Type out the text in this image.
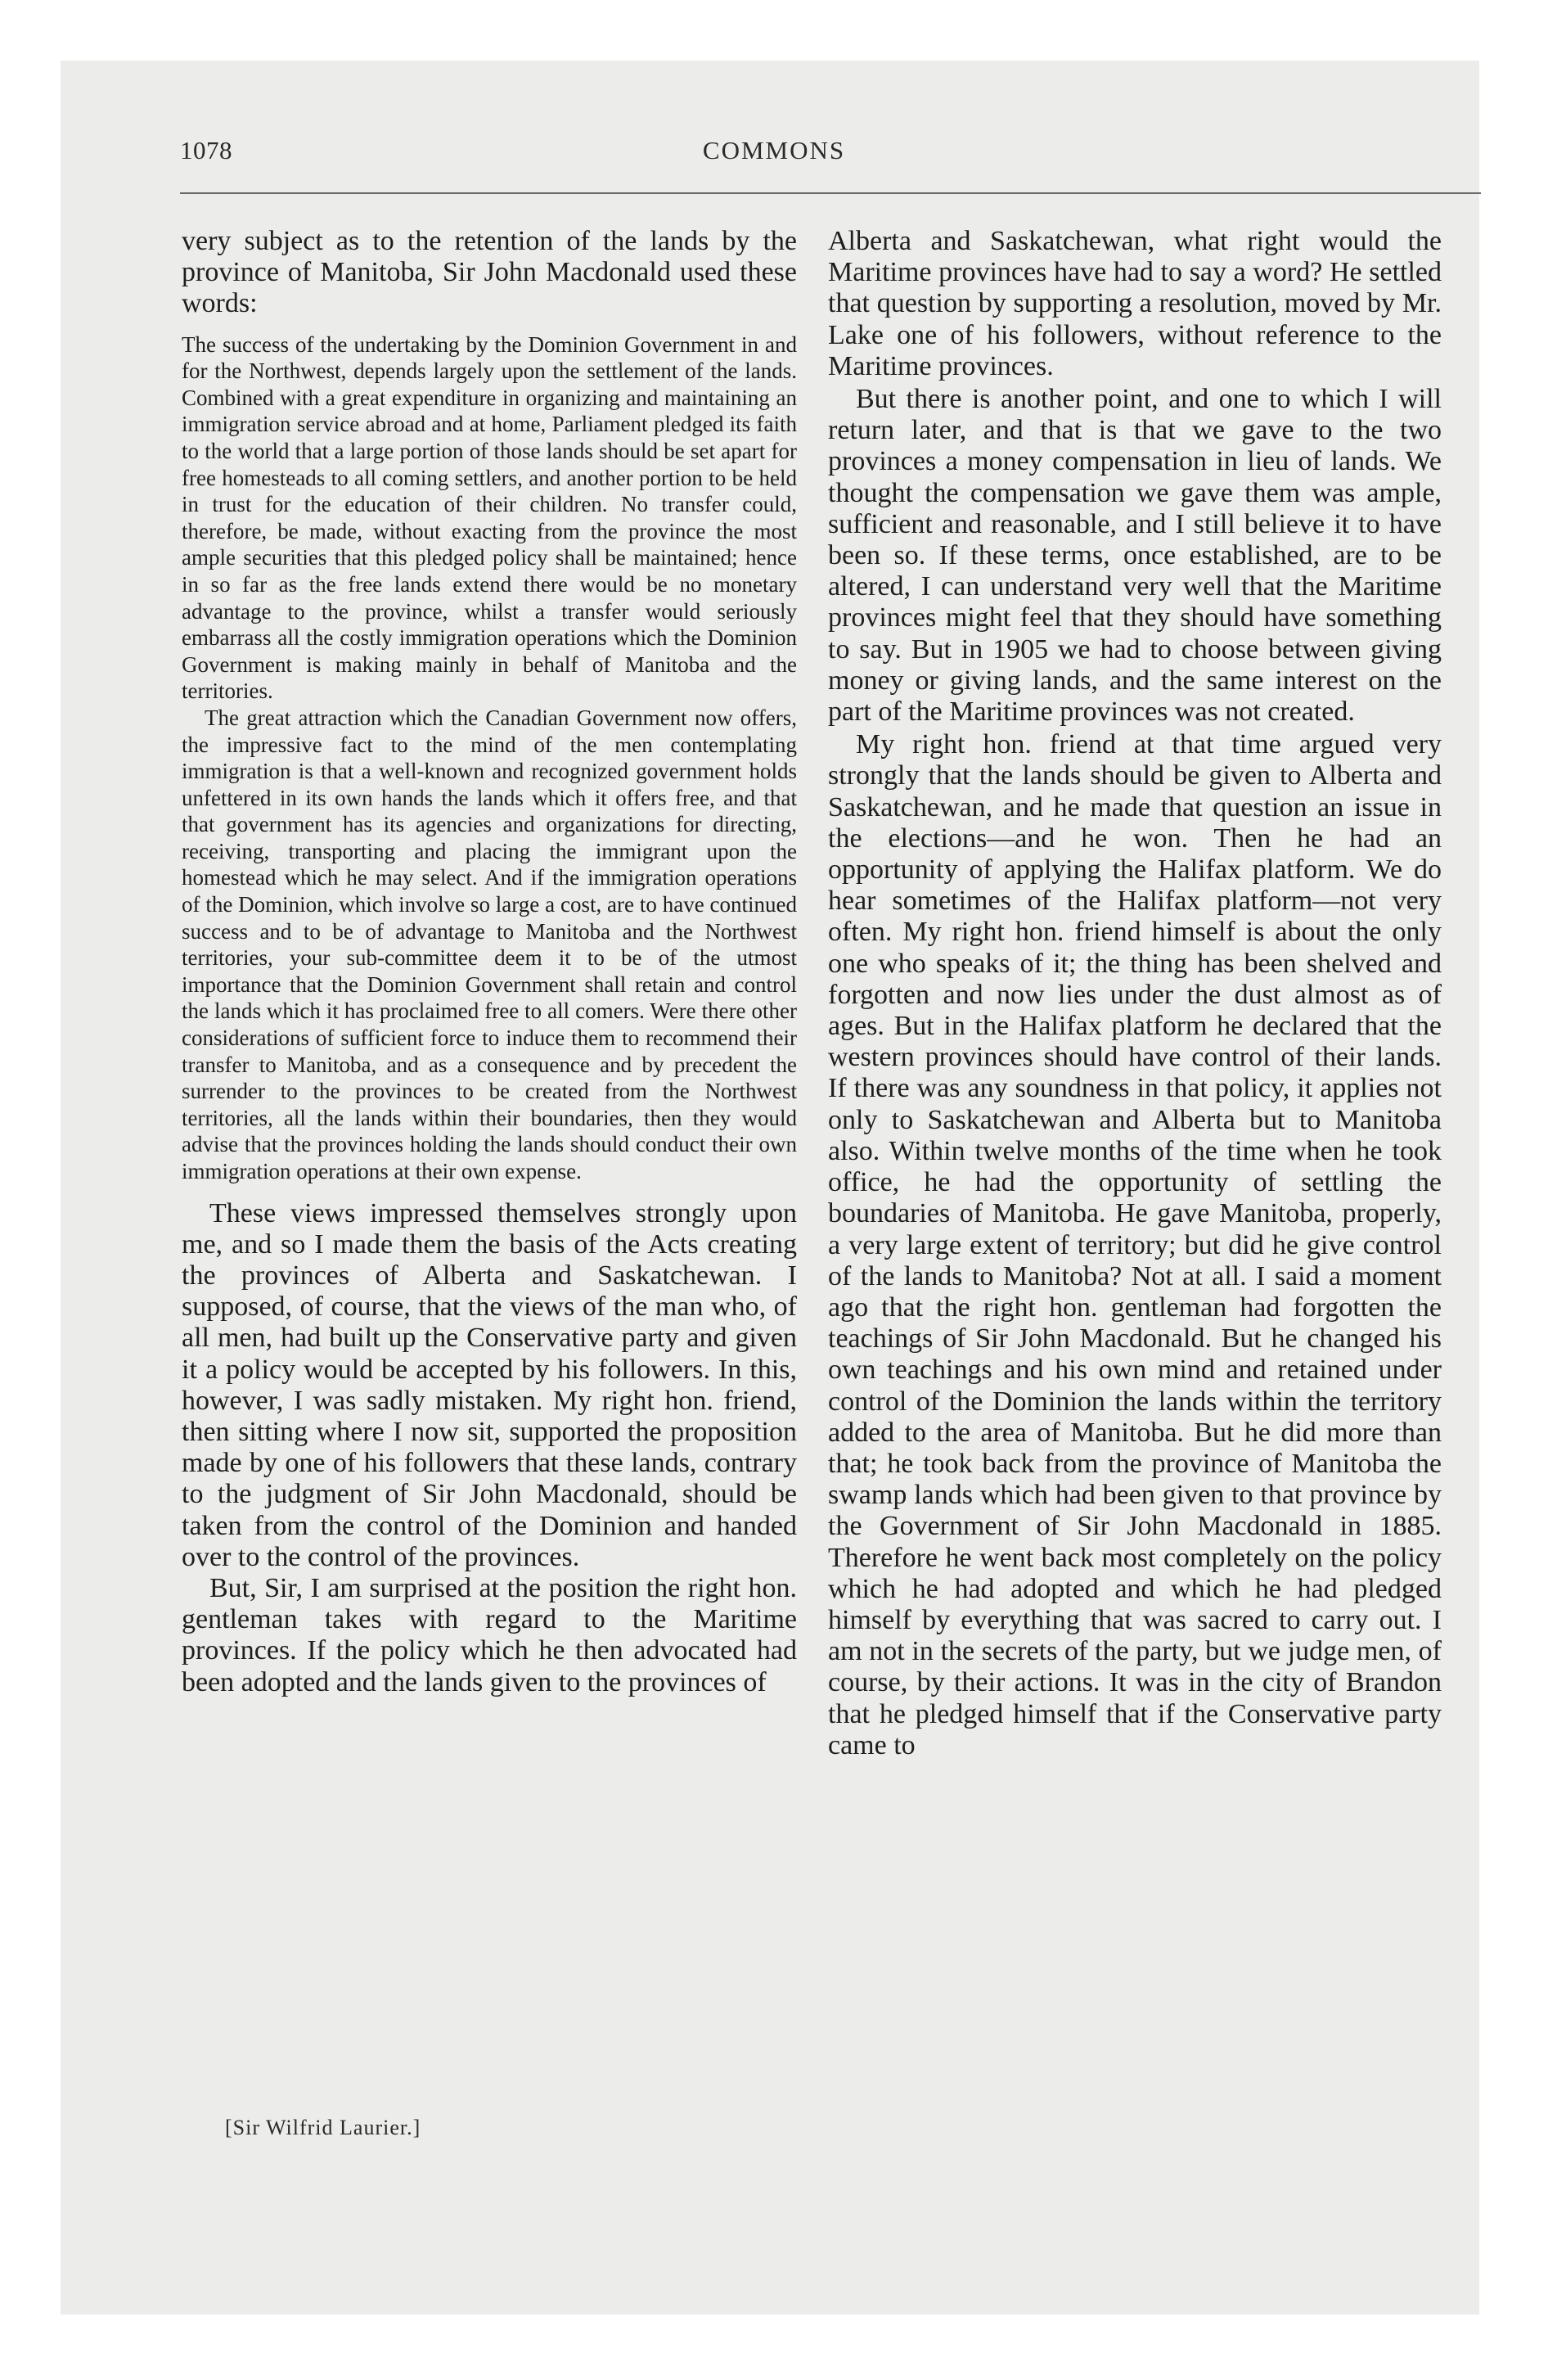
1078	COMMONS

very subject as to the retention of the lands by the province of Manitoba, Sir John Macdonald used these words:

The success of the undertaking by the Dominion Government in and for the Northwest, depends largely upon the settlement of the lands. Combined with a great expenditure in organizing and maintaining an immigration service abroad and at home, Parliament pledged its faith to the world that a large portion of those lands should be set apart for free homesteads to all coming settlers, and another portion to be held in trust for the education of their children. No transfer could, therefore, be made, without exacting from the province the most ample securities that this pledged policy shall be maintained; hence in so far as the free lands extend there would be no monetary advantage to the province, whilst a transfer would seriously embarrass all the costly immigration operations which the Dominion Government is making mainly in behalf of Manitoba and the territories.

The great attraction which the Canadian Government now offers, the impressive fact to the mind of the men contemplating immigration is that a well-known and recognized government holds unfettered in its own hands the lands which it offers free, and that that government has its agencies and organizations for directing, receiving, transporting and placing the immigrant upon the homestead which he may select. And if the immigration operations of the Dominion, which involve so large a cost, are to have continued success and to be of advantage to Manitoba and the Northwest territories, your sub-committee deem it to be of the utmost importance that the Dominion Government shall retain and control the lands which it has proclaimed free to all comers. Were there other considerations of sufficient force to induce them to recommend their transfer to Manitoba, and as a consequence and by precedent the surrender to the provinces to be created from the Northwest territories, all the lands within their boundaries, then they would advise that the provinces holding the lands should conduct their own immigration operations at their own expense.

These views impressed themselves strongly upon me, and so I made them the basis of the Acts creating the provinces of Alberta and Saskatchewan. I supposed, of course, that the views of the man who, of all men, had built up the Conservative party and given it a policy would be accepted by his followers. In this, however, I was sadly mistaken. My right hon. friend, then sitting where I now sit, supported the proposition made by one of his followers that these lands, contrary to the judgment of Sir John Macdonald, should be taken from the control of the Dominion and handed over to the control of the provinces.

But, Sir, I am surprised at the position the right hon. gentleman takes with regard to the Maritime provinces. If the policy which he then advocated had been adopted and the lands given to the provinces of

[Sir Wilfrid Laurier.]

Alberta and Saskatchewan, what right would the Maritime provinces have had to say a word? He settled that question by supporting a resolution, moved by Mr. Lake one of his followers, without reference to the Maritime provinces.

But there is another point, and one to which I will return later, and that is that we gave to the two provinces a money compensation in lieu of lands. We thought the compensation we gave them was ample, sufficient and reasonable, and I still believe it to have been so. If these terms, once established, are to be altered, I can understand very well that the Maritime provinces might feel that they should have something to say. But in 1905 we had to choose between giving money or giving lands, and the same interest on the part of the Maritime provinces was not created.

My right hon. friend at that time argued very strongly that the lands should be given to Alberta and Saskatchewan, and he made that question an issue in the elections—and he won. Then he had an opportunity of applying the Halifax platform. We do hear sometimes of the Halifax platform—not very often. My right hon. friend himself is about the only one who speaks of it; the thing has been shelved and forgotten and now lies under the dust almost as of ages. But in the Halifax platform he declared that the western provinces should have control of their lands. If there was any soundness in that policy, it applies not only to Saskatchewan and Alberta but to Manitoba also. Within twelve months of the time when he took office, he had the opportunity of settling the boundaries of Manitoba. He gave Manitoba, properly, a very large extent of territory; but did he give control of the lands to Manitoba? Not at all. I said a moment ago that the right hon. gentleman had forgotten the teachings of Sir John Macdonald. But he changed his own teachings and his own mind and retained under control of the Dominion the lands within the territory added to the area of Manitoba. But he did more than that; he took back from the province of Manitoba the swamp lands which had been given to that province by the Government of Sir John Macdonald in 1885. Therefore he went back most completely on the policy which he had adopted and which he had pledged himself by everything that was sacred to carry out. I am not in the secrets of the party, but we judge men, of course, by their actions. It was in the city of Brandon that he pledged himself that if the Conservative party came to
